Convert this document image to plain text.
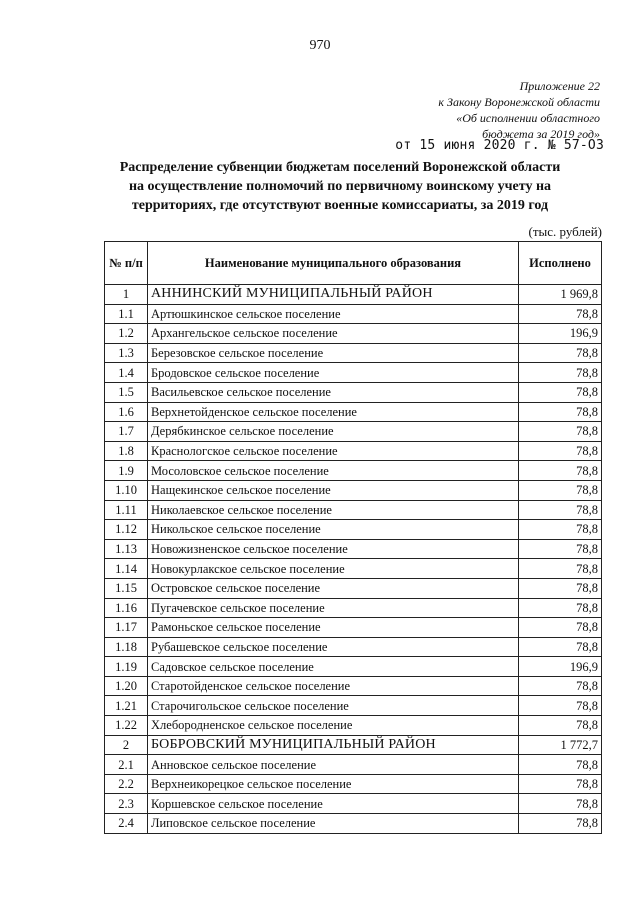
970
Приложение 22
к Закону Воронежской области
«Об исполнении областного
бюджета за 2019 год»
от 15 июня 2020 г. № 57-ОЗ
Распределение субвенции бюджетам поселений Воронежской области
на осуществление полномочий по первичному воинскому учету на
территориях, где отсутствуют военные комиссариаты, за 2019 год
(тыс. рублей)
№ п/п	Наименование муниципального образования	Исполнено
1	АННИНСКИЙ МУНИЦИПАЛЬНЫЙ РАЙОН	1 969,8
1.1	Артюшкинское сельское поселение	78,8
1.2	Архангельское сельское поселение	196,9
1.3	Березовское сельское поселение	78,8
1.4	Бродовское сельское поселение	78,8
1.5	Васильевское сельское поселение	78,8
1.6	Верхнетойденское сельское поселение	78,8
1.7	Дерябкинское сельское поселение	78,8
1.8	Краснологское сельское поселение	78,8
1.9	Мосоловское сельское поселение	78,8
1.10	Нащекинское сельское поселение	78,8
1.11	Николаевское сельское поселение	78,8
1.12	Никольское сельское поселение	78,8
1.13	Новожизненское сельское поселение	78,8
1.14	Новокурлакское сельское поселение	78,8
1.15	Островское сельское поселение	78,8
1.16	Пугачевское сельское поселение	78,8
1.17	Рамоньское сельское поселение	78,8
1.18	Рубашевское сельское поселение	78,8
1.19	Садовское сельское поселение	196,9
1.20	Старотойденское сельское поселение	78,8
1.21	Старочигольское сельское поселение	78,8
1.22	Хлебородненское сельское поселение	78,8
2	БОБРОВСКИЙ МУНИЦИПАЛЬНЫЙ РАЙОН	1 772,7
2.1	Анновское сельское поселение	78,8
2.2	Верхнеикорецкое сельское поселение	78,8
2.3	Коршевское сельское поселение	78,8
2.4	Липовское сельское поселение	78,8
